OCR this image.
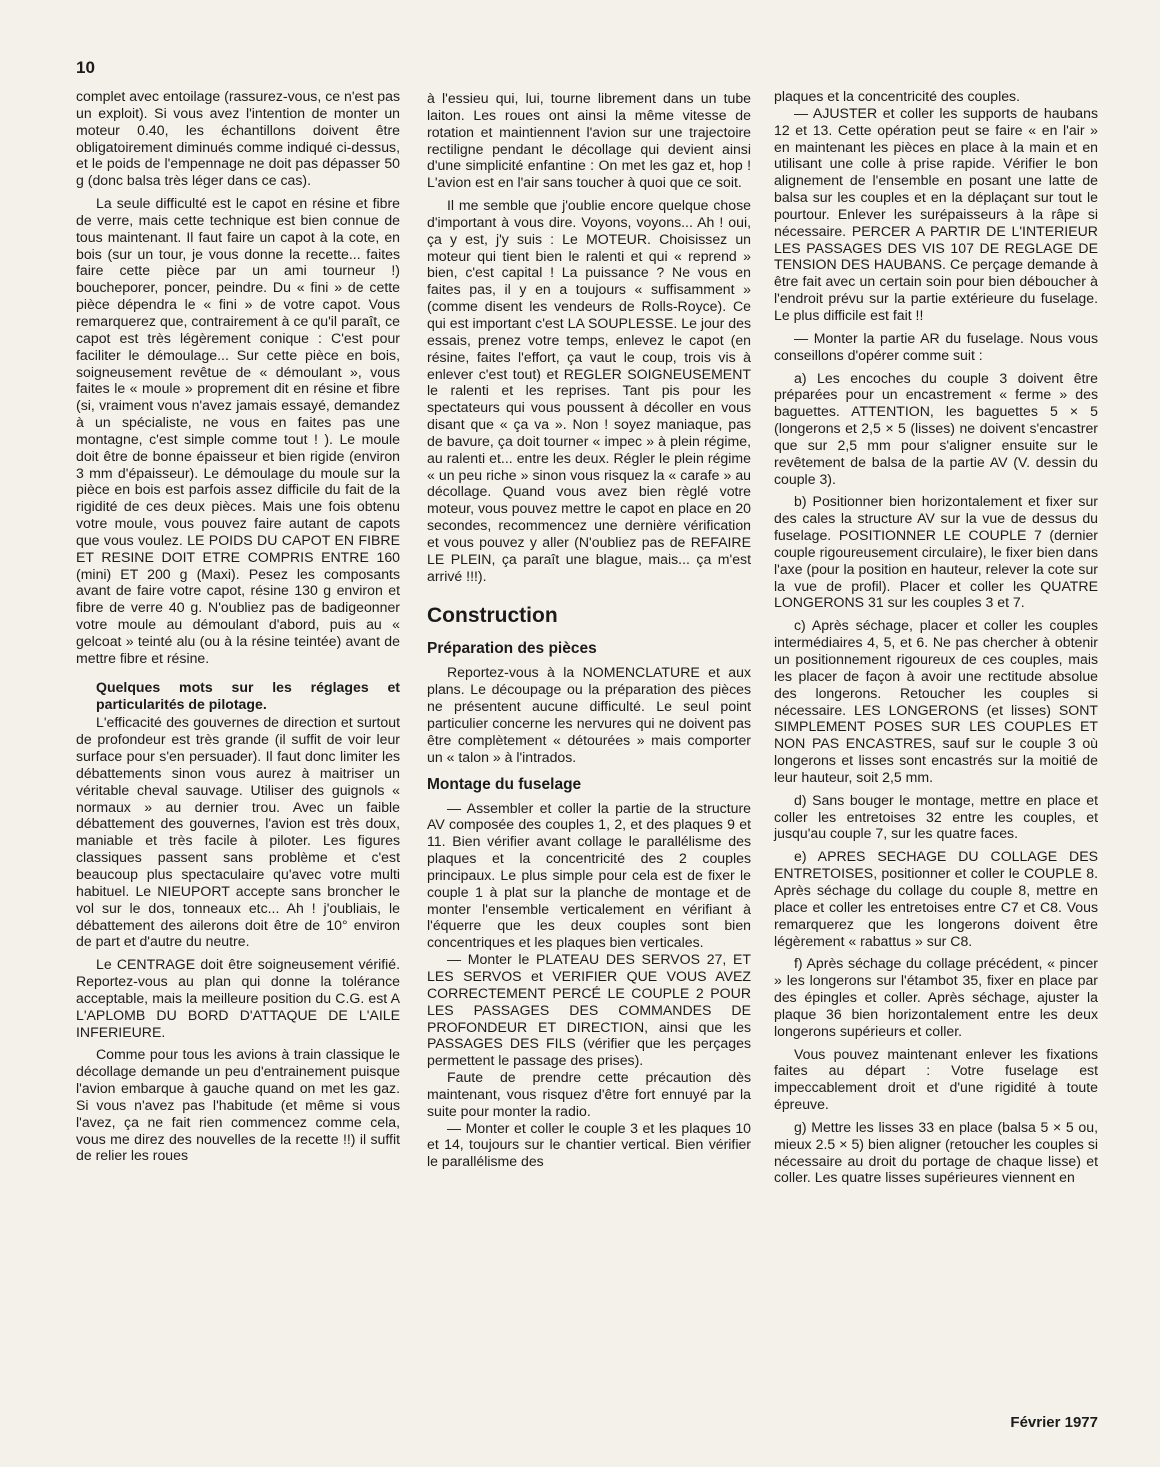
10

complet avec entoilage (rassurez-vous, ce n'est pas un exploit). Si vous avez l'intention de monter un moteur 0.40, les échantillons doivent être obligatoirement diminués comme indiqué ci-dessus, et le poids de l'empennage ne doit pas dépasser 50 g (donc balsa très léger dans ce cas).

La seule difficulté est le capot en résine et fibre de verre, mais cette technique est bien connue de tous maintenant. Il faut faire un capot à la cote, en bois (sur un tour, je vous donne la recette... faites faire cette pièce par un ami tourneur !) boucheporer, poncer, peindre. Du « fini » de cette pièce dépendra le « fini » de votre capot. Vous remarquerez que, contrairement à ce qu'il paraît, ce capot est très légèrement conique : C'est pour faciliter le démoulage... Sur cette pièce en bois, soigneusement revêtue de « démoulant », vous faites le « moule » proprement dit en résine et fibre (si, vraiment vous n'avez jamais essayé, demandez à un spécialiste, ne vous en faites pas une montagne, c'est simple comme tout ! ). Le moule doit être de bonne épaisseur et bien rigide (environ 3 mm d'épaisseur). Le démoulage du moule sur la pièce en bois est parfois assez difficile du fait de la rigidité de ces deux pièces. Mais une fois obtenu votre moule, vous pouvez faire autant de capots que vous voulez. LE POIDS DU CAPOT EN FIBRE ET RESINE DOIT ETRE COMPRIS ENTRE 160 (mini) ET 200 g (Maxi). Pesez les composants avant de faire votre capot, résine 130 g environ et fibre de verre 40 g. N'oubliez pas de badigeonner votre moule au démoulant d'abord, puis au « gelcoat » teinté alu (ou à la résine teintée) avant de mettre fibre et résine.

Quelques mots sur les réglages et particularités de pilotage.

L'efficacité des gouvernes de direction et surtout de profondeur est très grande (il suffit de voir leur surface pour s'en persuader). Il faut donc limiter les débattements sinon vous aurez à maitriser un véritable cheval sauvage. Utiliser des guignols « normaux » au dernier trou. Avec un faible débattement des gouvernes, l'avion est très doux, maniable et très facile à piloter. Les figures classiques passent sans problème et c'est beaucoup plus spectaculaire qu'avec votre multi habituel. Le NIEUPORT accepte sans broncher le vol sur le dos, tonneaux etc... Ah ! j'oubliais, le débattement des ailerons doit être de 10° environ de part et d'autre du neutre.

Le CENTRAGE doit être soigneusement vérifié. Reportez-vous au plan qui donne la tolérance acceptable, mais la meilleure position du C.G. est A L'APLOMB DU BORD D'ATTAQUE DE L'AILE INFERIEURE.

Comme pour tous les avions à train classique le décollage demande un peu d'entrainement puisque l'avion embarque à gauche quand on met les gaz. Si vous n'avez pas l'habitude (et même si vous l'avez, ça ne fait rien commencez comme cela, vous me direz des nouvelles de la recette !!) il suffit de relier les roues

à l'essieu qui, lui, tourne librement dans un tube laiton. Les roues ont ainsi la même vitesse de rotation et maintiennent l'avion sur une trajectoire rectiligne pendant le décollage qui devient ainsi d'une simplicité enfantine : On met les gaz et, hop ! L'avion est en l'air sans toucher à quoi que ce soit.

Il me semble que j'oublie encore quelque chose d'important à vous dire. Voyons, voyons... Ah ! oui, ça y est, j'y suis : Le MOTEUR. Choisissez un moteur qui tient bien le ralenti et qui « reprend » bien, c'est capital ! La puissance ? Ne vous en faites pas, il y en a toujours « suffisamment » (comme disent les vendeurs de Rolls-Royce). Ce qui est important c'est LA SOUPLESSE. Le jour des essais, prenez votre temps, enlevez le capot (en résine, faites l'effort, ça vaut le coup, trois vis à enlever c'est tout) et REGLER SOIGNEUSEMENT le ralenti et les reprises. Tant pis pour les spectateurs qui vous poussent à décoller en vous disant que « ça va ». Non ! soyez maniaque, pas de bavure, ça doit tourner « impec » à plein régime, au ralenti et... entre les deux. Régler le plein régime « un peu riche » sinon vous risquez la « carafe » au décollage. Quand vous avez bien règlé votre moteur, vous pouvez mettre le capot en place en 20 secondes, recommencez une dernière vérification et vous pouvez y aller (N'oubliez pas de REFAIRE LE PLEIN, ça paraît une blague, mais... ça m'est arrivé !!!).

Construction
Préparation des pièces

Reportez-vous à la NOMENCLATURE et aux plans. Le découpage ou la préparation des pièces ne présentent aucune difficulté. Le seul point particulier concerne les nervures qui ne doivent pas être complètement « détourées » mais comporter un « talon » à l'intrados.

Montage du fuselage

— Assembler et coller la partie de la structure AV composée des couples 1, 2, et des plaques 9 et 11. Bien vérifier avant collage le parallélisme des plaques et la concentricité des 2 couples principaux. Le plus simple pour cela est de fixer le couple 1 à plat sur la planche de montage et de monter l'ensemble verticalement en vérifiant à l'équerre que les deux couples sont bien concentriques et les plaques bien verticales.

— Monter le PLATEAU DES SERVOS 27, ET LES SERVOS et VERIFIER QUE VOUS AVEZ CORRECTEMENT PERCÉ LE COUPLE 2 POUR LES PASSAGES DES COMMANDES DE PROFONDEUR ET DIRECTION, ainsi que les PASSAGES DES FILS (vérifier que les perçages permettent le passage des prises).

Faute de prendre cette précaution dès maintenant, vous risquez d'être fort ennuyé par la suite pour monter la radio.

— Monter et coller le couple 3 et les plaques 10 et 14, toujours sur le chantier vertical. Bien vérifier le parallélisme des

plaques et la concentricité des couples.

— AJUSTER et coller les supports de haubans 12 et 13. Cette opération peut se faire « en l'air » en maintenant les pièces en place à la main et en utilisant une colle à prise rapide. Vérifier le bon alignement de l'ensemble en posant une latte de balsa sur les couples et en la déplaçant sur tout le pourtour. Enlever les surépaisseurs à la râpe si nécessaire. PERCER A PARTIR DE L'INTERIEUR LES PASSAGES DES VIS 107 DE REGLAGE DE TENSION DES HAUBANS. Ce perçage demande à être fait avec un certain soin pour bien déboucher à l'endroit prévu sur la partie extérieure du fuselage. Le plus difficile est fait !!

— Monter la partie AR du fuselage. Nous vous conseillons d'opérer comme suit :

a) Les encoches du couple 3 doivent être préparées pour un encastrement « ferme » des baguettes. ATTENTION, les baguettes 5 × 5 (longerons et 2,5 × 5 (lisses) ne doivent s'encastrer que sur 2,5 mm pour s'aligner ensuite sur le revêtement de balsa de la partie AV (V. dessin du couple 3).

b) Positionner bien horizontalement et fixer sur des cales la structure AV sur la vue de dessus du fuselage. POSITIONNER LE COUPLE 7 (dernier couple rigoureusement circulaire), le fixer bien dans l'axe (pour la position en hauteur, relever la cote sur la vue de profil). Placer et coller les QUATRE LONGERONS 31 sur les couples 3 et 7.

c) Après séchage, placer et coller les couples intermédiaires 4, 5, et 6. Ne pas chercher à obtenir un positionnement rigoureux de ces couples, mais les placer de façon à avoir une rectitude absolue des longerons. Retoucher les couples si nécessaire. LES LONGERONS (et lisses) SONT SIMPLEMENT POSES SUR LES COUPLES ET NON PAS ENCASTRES, sauf sur le couple 3 où longerons et lisses sont encastrés sur la moitié de leur hauteur, soit 2,5 mm.

d) Sans bouger le montage, mettre en place et coller les entretoises 32 entre les couples, et jusqu'au couple 7, sur les quatre faces.

e) APRES SECHAGE DU COLLAGE DES ENTRETOISES, positionner et coller le COUPLE 8. Après séchage du collage du couple 8, mettre en place et coller les entretoises entre C7 et C8. Vous remarquerez que les longerons doivent être légèrement « rabattus » sur C8.

f) Après séchage du collage précédent, « pincer » les longerons sur l'étambot 35, fixer en place par des épingles et coller. Après séchage, ajuster la plaque 36 bien horizontalement entre les deux longerons supérieurs et coller.

Vous pouvez maintenant enlever les fixations faites au départ : Votre fuselage est impeccablement droit et d'une rigidité à toute épreuve.

g) Mettre les lisses 33 en place (balsa 5 × 5 ou, mieux 2.5 × 5) bien aligner (retoucher les couples si nécessaire au droit du portage de chaque lisse) et coller. Les quatre lisses supérieures viennent en

Février 1977
